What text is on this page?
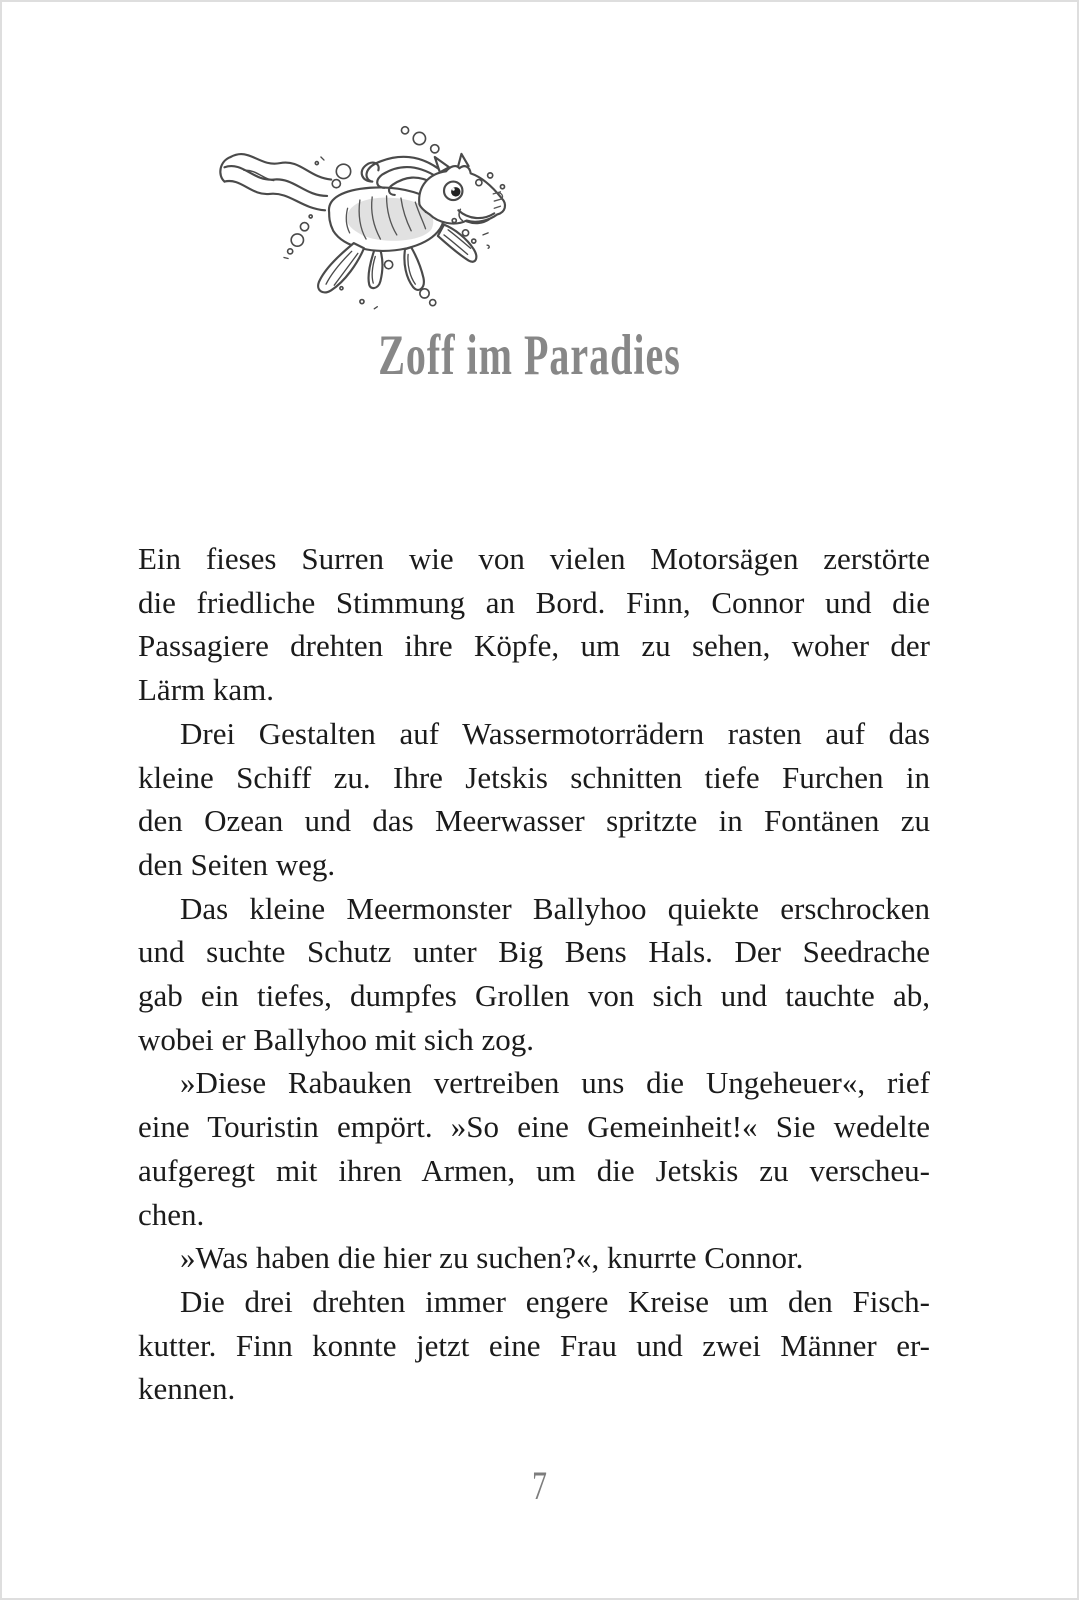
Zoff im Paradies
Ein fieses Surren wie von vielen Motorsägen zerstörte
die friedliche Stimmung an Bord. Finn, Connor und die
Passagiere drehten ihre Köpfe, um zu sehen, woher der
Lärm kam.
Drei Gestalten auf Wassermotorrädern rasten auf das
kleine Schiff zu. Ihre Jetskis schnitten tiefe Furchen in
den Ozean und das Meerwasser spritzte in Fontänen zu
den Seiten weg.
Das kleine Meermonster Ballyhoo quiekte erschrocken
und suchte Schutz unter Big Bens Hals. Der Seedrache
gab ein tiefes, dumpfes Grollen von sich und tauchte ab,
wobei er Ballyhoo mit sich zog.
»Diese Rabauken vertreiben uns die Ungeheuer«, rief
eine Touristin empört. »So eine Gemeinheit!« Sie wedelte
aufgeregt mit ihren Armen, um die Jetskis zu verscheu-
chen.
»Was haben die hier zu suchen?«, knurrte Connor.
Die drei drehten immer engere Kreise um den Fisch-
kutter. Finn konnte jetzt eine Frau und zwei Männer er-
kennen.
7
